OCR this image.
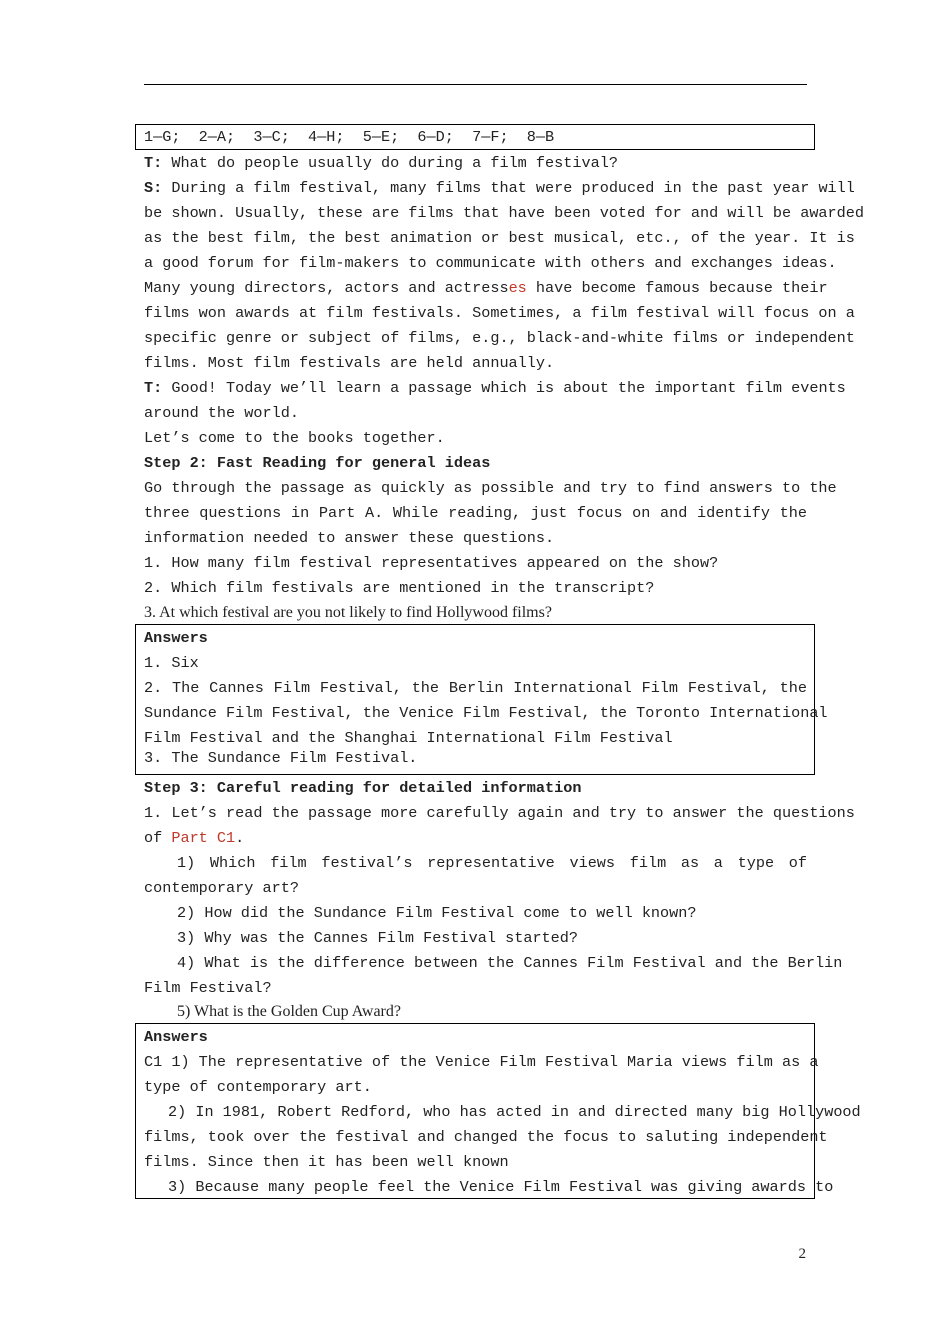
1—G;  2—A;  3—C;  4—H;  5—E;  6—D;  7—F;  8—B
T: What do people usually do during a film festival?
S: During a film festival, many films that were produced in the past year will
be shown. Usually, these are films that have been voted for and will be awarded
as the best film, the best animation or best musical, etc., of the year. It is
a good forum for film-makers to communicate with others and exchanges ideas.
Many young directors, actors and actresses have become famous because their
films won awards at film festivals. Sometimes, a film festival will focus on a
specific genre or subject of films, e.g., black-and-white films or independent
films. Most film festivals are held annually.
T: Good! Today we’ll learn a passage which is about the important film events
around the world.
Let’s come to the books together.
Step 2: Fast Reading for general ideas
Go through the passage as quickly as possible and try to find answers to the
three questions in Part A. While reading, just focus on and identify the
information needed to answer these questions.
1. How many film festival representatives appeared on the show?
2. Which film festivals are mentioned in the transcript?
3. At which festival are you not likely to find Hollywood films?
Answers
1. Six
2. The Cannes Film Festival, the Berlin International Film Festival, the
Sundance Film Festival, the Venice Film Festival, the Toronto International
Film Festival and the Shanghai International Film Festival
3. The Sundance Film Festival.
Step 3: Careful reading for detailed information
1. Let’s read the passage more carefully again and try to answer the questions
of Part C1.
1) Which film festival’s representative views film as a type of
contemporary art?
2) How did the Sundance Film Festival come to well known?
3) Why was the Cannes Film Festival started?
4) What is the difference between the Cannes Film Festival and the Berlin
Film Festival?
5) What is the Golden Cup Award?
Answers
C1 1) The representative of the Venice Film Festival Maria views film as a
type of contemporary art.
2) In 1981, Robert Redford, who has acted in and directed many big Hollywood
films, took over the festival and changed the focus to saluting independent
films. Since then it has been well known
3) Because many people feel the Venice Film Festival was giving awards to
2
